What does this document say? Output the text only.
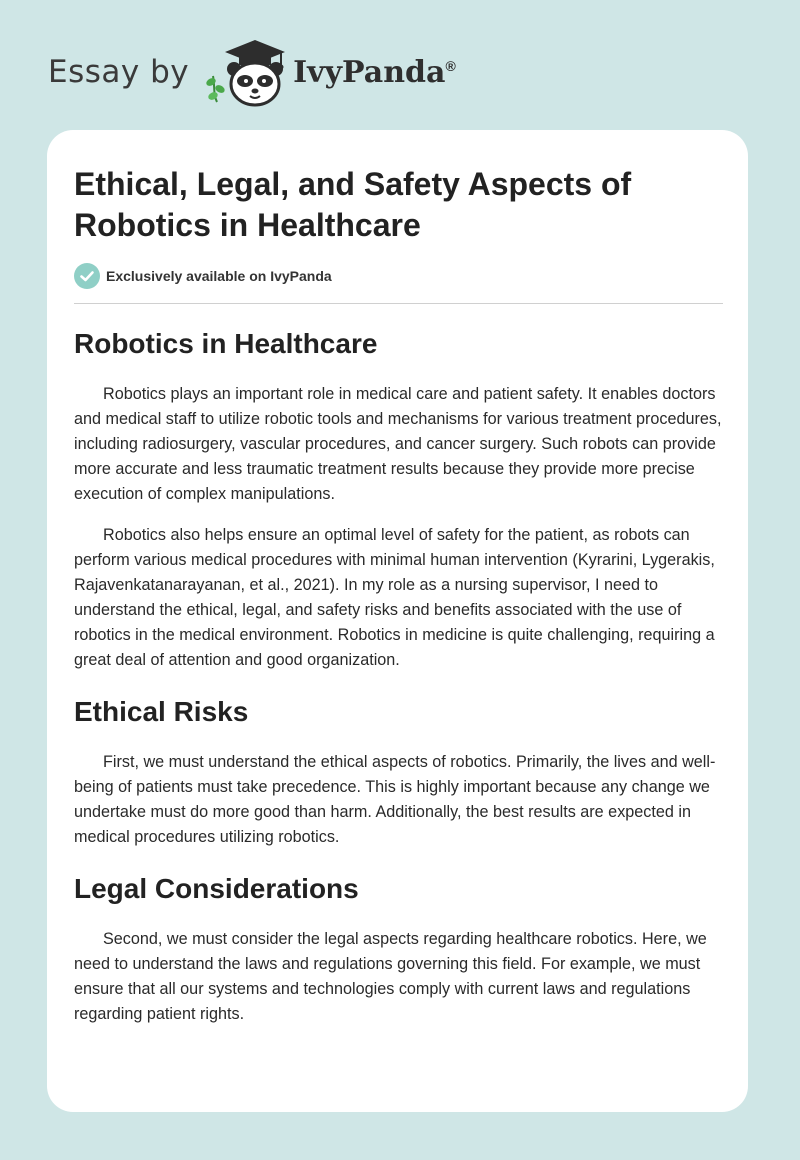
Essay by	IvyPanda®
Ethical, Legal, and Safety Aspects of Robotics in Healthcare
Exclusively available on IvyPanda
Robotics in Healthcare

Robotics plays an important role in medical care and patient safety. It enables doctors and medical staff to utilize robotic tools and mechanisms for various treatment procedures, including radiosurgery, vascular procedures, and cancer surgery. Such robots can provide more accurate and less traumatic treatment results because they provide more precise execution of complex manipulations.

Robotics also helps ensure an optimal level of safety for the patient, as robots can perform various medical procedures with minimal human intervention (Kyrarini, Lygerakis, Rajavenkatanarayanan, et al., 2021). In my role as a nursing supervisor, I need to understand the ethical, legal, and safety risks and benefits associated with the use of robotics in the medical environment. Robotics in medicine is quite challenging, requiring a great deal of attention and good organization.

Ethical Risks

First, we must understand the ethical aspects of robotics. Primarily, the lives and well-being of patients must take precedence. This is highly important because any change we undertake must do more good than harm. Additionally, the best results are expected in medical procedures utilizing robotics.

Legal Considerations

Second, we must consider the legal aspects regarding healthcare robotics. Here, we need to understand the laws and regulations governing this field. For example, we must ensure that all our systems and technologies comply with current laws and regulations regarding patient rights.
